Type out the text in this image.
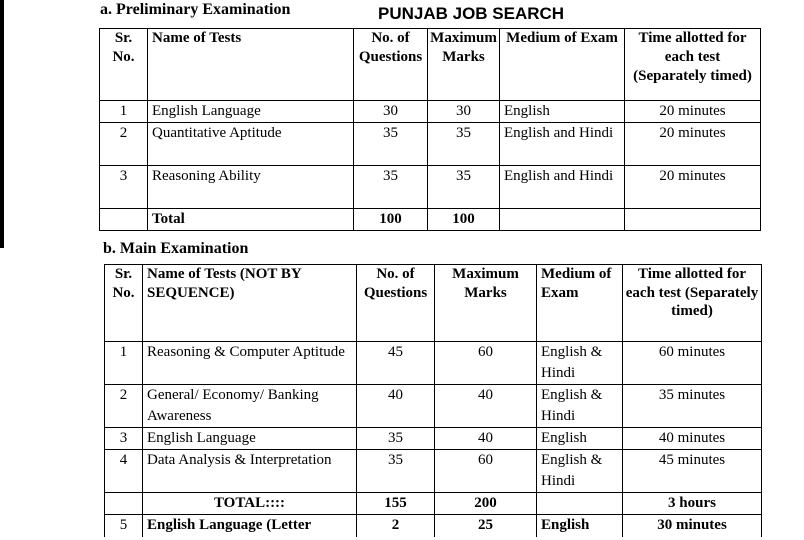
a. Preliminary Examination	PUNJAB JOB SEARCH
Sr. No.	Name of Tests	No. of Questions	Maximum Marks	Medium of Exam	Time allotted for each test (Separately timed)
1	English Language	30	30	English	20 minutes
2	Quantitative Aptitude	35	35	English and Hindi	20 minutes
3	Reasoning Ability	35	35	English and Hindi	20 minutes
	Total	100	100		
b. Main Examination
Sr. No.	Name of Tests (NOT BY SEQUENCE)	No. of Questions	Maximum Marks	Medium of Exam	Time allotted for each test (Separately timed)
1	Reasoning & Computer Aptitude	45	60	English & Hindi	60 minutes
2	General/ Economy/ Banking Awareness	40	40	English & Hindi	35 minutes
3	English Language	35	40	English	40 minutes
4	Data Analysis & Interpretation	35	60	English & Hindi	45 minutes
	TOTAL::::	155	200		3 hours
5	English Language (Letter	2	25	English	30 minutes
